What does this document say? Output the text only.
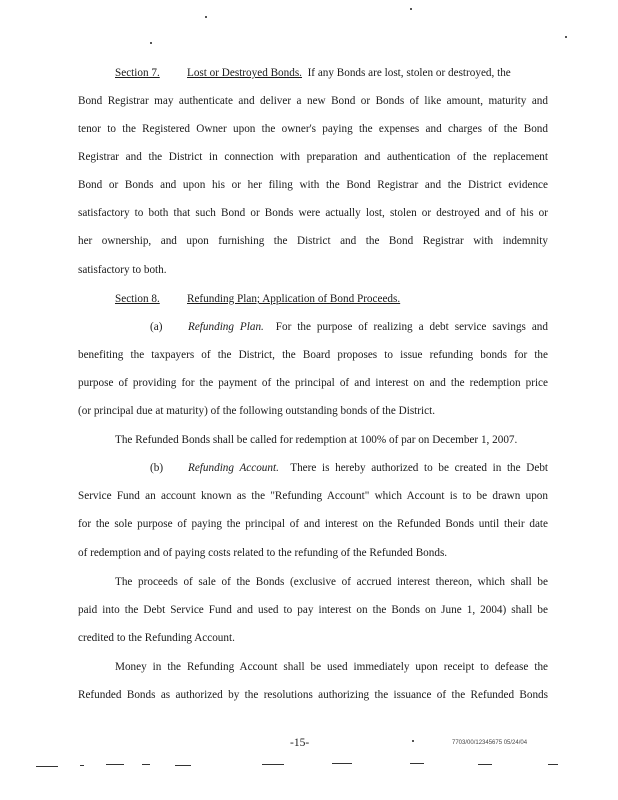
Section 7. Lost or Destroyed Bonds. If any Bonds are lost, stolen or destroyed, the
Bond Registrar may authenticate and deliver a new Bond or Bonds of like amount, maturity and
tenor to the Registered Owner upon the owner's paying the expenses and charges of the Bond
Registrar and the District in connection with preparation and authentication of the replacement
Bond or Bonds and upon his or her filing with the Bond Registrar and the District evidence
satisfactory to both that such Bond or Bonds were actually lost, stolen or destroyed and of his or
her ownership, and upon furnishing the District and the Bond Registrar with indemnity
satisfactory to both.
Section 8. Refunding Plan; Application of Bond Proceeds.
(a) Refunding Plan. For the purpose of realizing a debt service savings and
benefiting the taxpayers of the District, the Board proposes to issue refunding bonds for the
purpose of providing for the payment of the principal of and interest on and the redemption price
(or principal due at maturity) of the following outstanding bonds of the District.
The Refunded Bonds shall be called for redemption at 100% of par on December 1, 2007.
(b) Refunding Account. There is hereby authorized to be created in the Debt
Service Fund an account known as the "Refunding Account" which Account is to be drawn upon
for the sole purpose of paying the principal of and interest on the Refunded Bonds until their date
of redemption and of paying costs related to the refunding of the Refunded Bonds.
The proceeds of sale of the Bonds (exclusive of accrued interest thereon, which shall be
paid into the Debt Service Fund and used to pay interest on the Bonds on June 1, 2004) shall be
credited to the Refunding Account.
Money in the Refunding Account shall be used immediately upon receipt to defease the
Refunded Bonds as authorized by the resolutions authorizing the issuance of the Refunded Bonds
-15-	7703/00/12345675 05/24/04
